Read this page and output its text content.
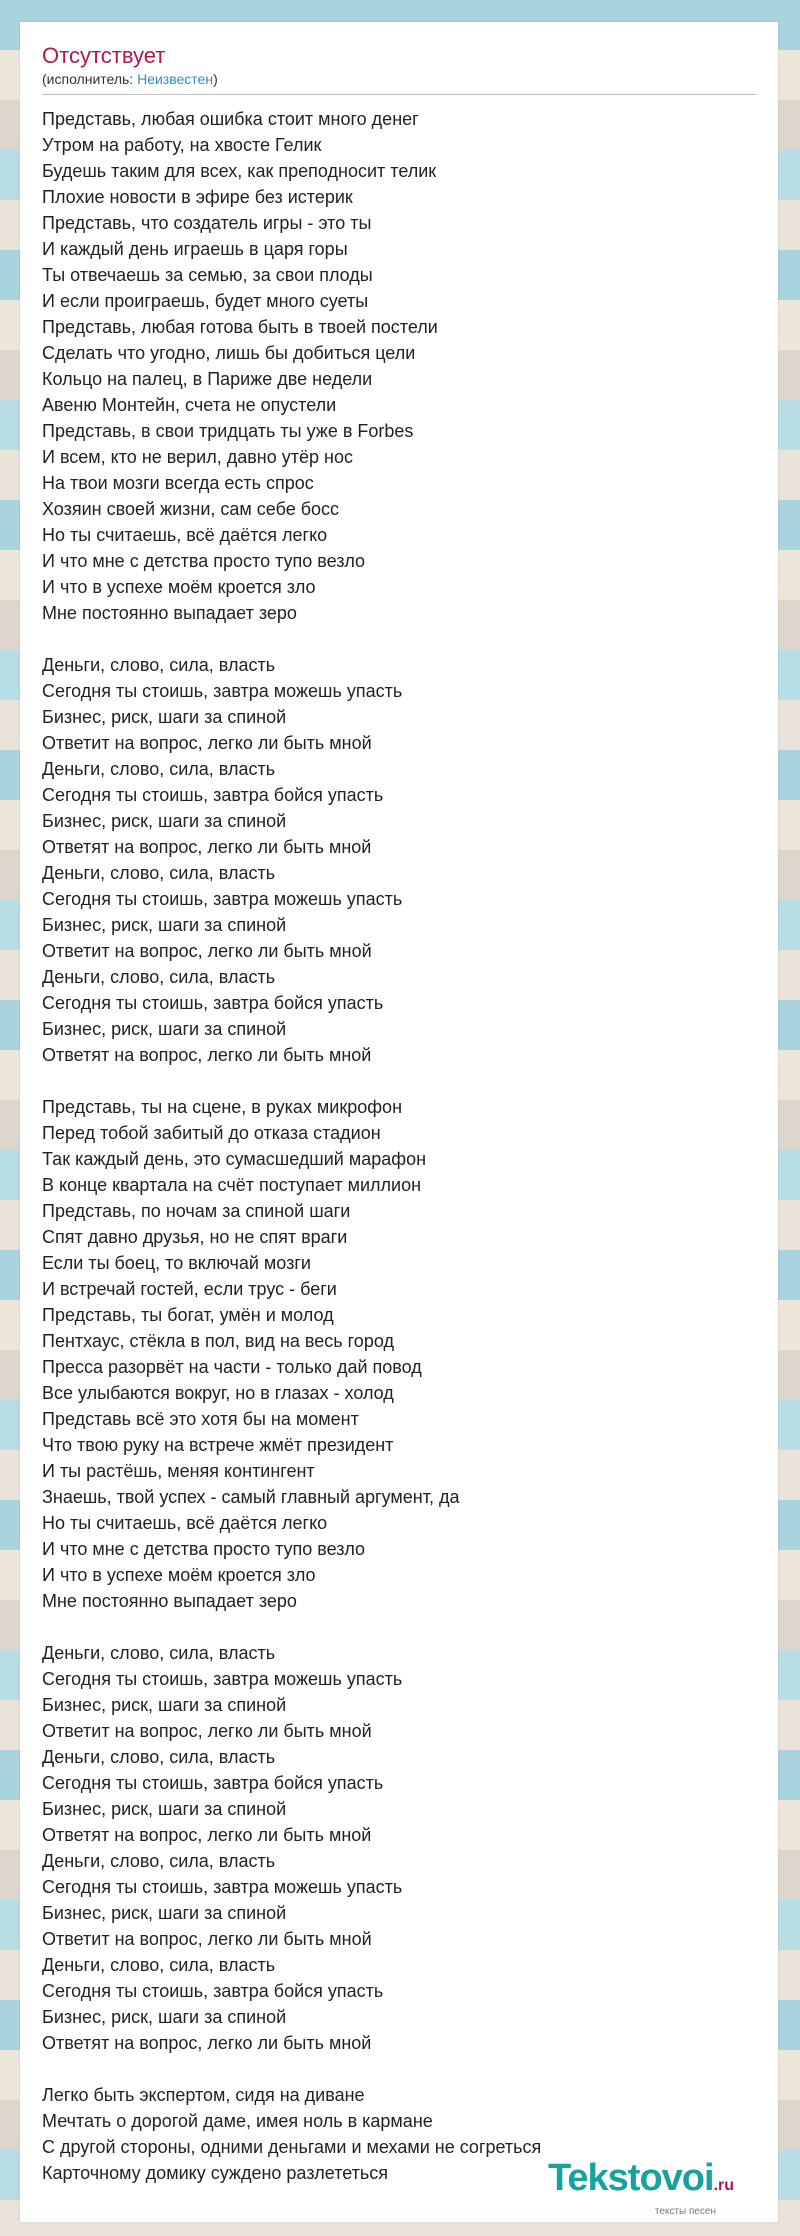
Отсутствует
(исполнитель: Неизвестен)
Представь, любая ошибка стоит много денег
Утром на работу, на хвосте Гелик
Будешь таким для всех, как преподносит телик
Плохие новости в эфире без истерик
Представь, что создатель игры - это ты
И каждый день играешь в царя горы
Ты отвечаешь за семью, за свои плоды
И если проиграешь, будет много суеты
Представь, любая готова быть в твоей постели
Сделать что угодно, лишь бы добиться цели
Кольцо на палец, в Париже две недели
Авеню Монтейн, счета не опустели
Представь, в свои тридцать ты уже в Forbes
И всем, кто не верил, давно утёр нос
На твои мозги всегда есть спрос
Хозяин своей жизни, сам себе босс
Но ты считаешь, всё даётся легко
И что мне с детства просто тупо везло
И что в успехе моём кроется зло
Мне постоянно выпадает зеро
Деньги, слово, сила, власть
Сегодня ты стоишь, завтра можешь упасть
Бизнес, риск, шаги за спиной
Ответит на вопрос, легко ли быть мной
Деньги, слово, сила, власть
Сегодня ты стоишь, завтра бойся упасть
Бизнес, риск, шаги за спиной
Ответят на вопрос, легко ли быть мной
Деньги, слово, сила, власть
Сегодня ты стоишь, завтра можешь упасть
Бизнес, риск, шаги за спиной
Ответит на вопрос, легко ли быть мной
Деньги, слово, сила, власть
Сегодня ты стоишь, завтра бойся упасть
Бизнес, риск, шаги за спиной
Ответят на вопрос, легко ли быть мной
Представь, ты на сцене, в руках микрофон
Перед тобой забитый до отказа стадион
Так каждый день, это сумасшедший марафон
В конце квартала на счёт поступает миллион
Представь, по ночам за спиной шаги
Спят давно друзья, но не спят враги
Если ты боец, то включай мозги
И встречай гостей, если трус - беги
Представь, ты богат, умён и молод
Пентхаус, стёкла в пол, вид на весь город
Пресса разорвёт на части - только дай повод
Все улыбаются вокруг, но в глазах - холод
Представь всё это хотя бы на момент
Что твою руку на встрече жмёт президент
И ты растёшь, меняя контингент
Знаешь, твой успех - самый главный аргумент, да
Но ты считаешь, всё даётся легко
И что мне с детства просто тупо везло
И что в успехе моём кроется зло
Мне постоянно выпадает зеро
Деньги, слово, сила, власть
Сегодня ты стоишь, завтра можешь упасть
Бизнес, риск, шаги за спиной
Ответит на вопрос, легко ли быть мной
Деньги, слово, сила, власть
Сегодня ты стоишь, завтра бойся упасть
Бизнес, риск, шаги за спиной
Ответят на вопрос, легко ли быть мной
Деньги, слово, сила, власть
Сегодня ты стоишь, завтра можешь упасть
Бизнес, риск, шаги за спиной
Ответит на вопрос, легко ли быть мной
Деньги, слово, сила, власть
Сегодня ты стоишь, завтра бойся упасть
Бизнес, риск, шаги за спиной
Ответят на вопрос, легко ли быть мной
Легко быть экспертом, сидя на диване
Мечтать о дорогой даме, имея ноль в кармане
С другой стороны, одними деньгами и мехами не согреться
Карточному домику суждено разлететься	Tekstovoi.ru
тексты песен
